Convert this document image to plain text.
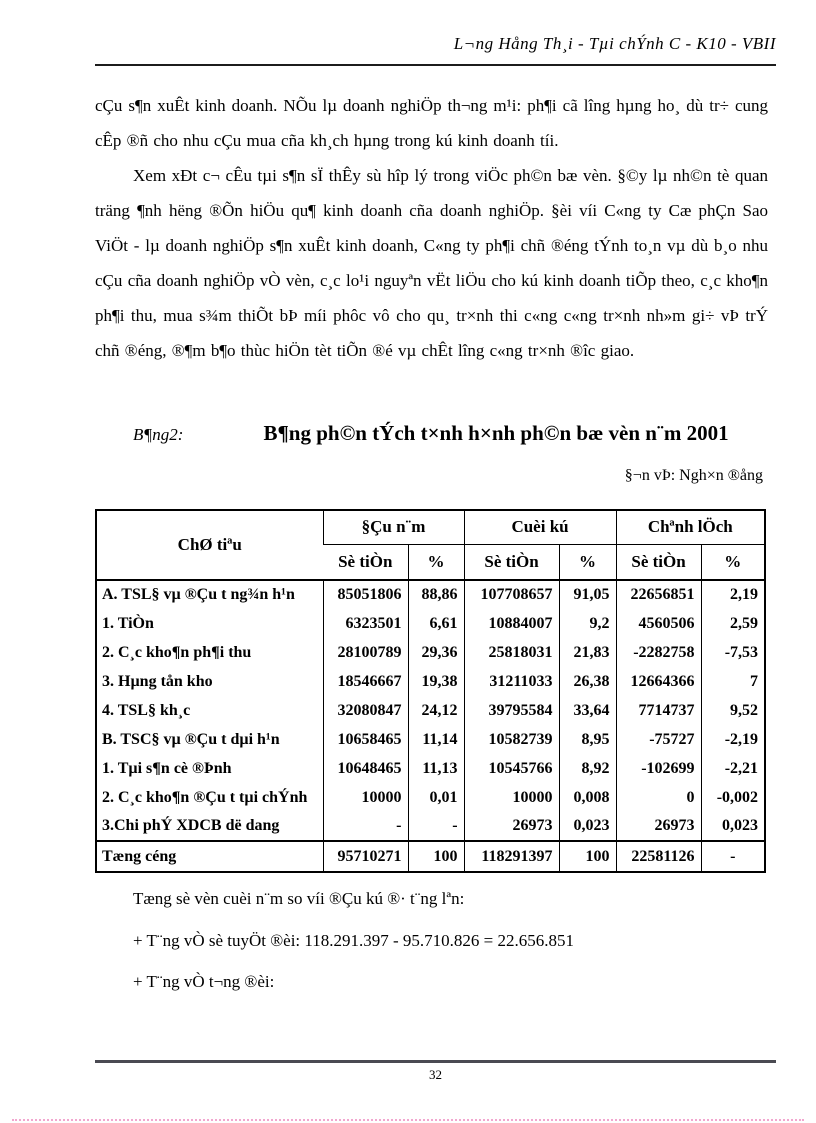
L¬ng Hång Th¸i - Tµi chÝnh C - K10 - VBII

cÇu s¶n xuÊt kinh doanh. NÕu lµ doanh nghiÖp th¬ng m¹i: ph¶i cã lîng hµng ho¸ dù tr÷ cung cÊp ®ñ cho nhu cÇu mua cña kh¸ch hµng trong kú kinh doanh tíi.

Xem xÐt c¬ cÊu tµi s¶n sÏ thÊy sù hîp lý trong viÖc ph©n bæ vèn. §©y lµ nh©n tè quan träng ¶nh hëng ®Õn hiÖu qu¶ kinh doanh cña doanh nghiÖp. §èi víi C«ng ty Cæ phÇn Sao ViÖt - lµ doanh nghiÖp s¶n xuÊt kinh doanh, C«ng ty ph¶i chñ ®éng tÝnh to¸n vµ dù b¸o nhu cÇu cña doanh nghiÖp vÒ vèn, c¸c lo¹i nguyªn vËt liÖu cho kú kinh doanh tiÕp theo, c¸c kho¶n ph¶i thu, mua s¾m thiÕt bÞ míi phôc vô cho qu¸ tr×nh thi c«ng c«ng tr×nh nh»m gi÷ vÞ trÝ chñ ®éng, ®¶m b¶o thùc hiÖn tèt tiÕn ®é vµ chÊt lîng c«ng tr×nh ®îc giao.

B¶ng2:	B¶ng ph©n tÝch t×nh h×nh ph©n bæ vèn n¨m 2001
§¬n vÞ: Ngh×n ®ång
ChØ tiªu	§Çu n¨m		Cuèi kú		Chªnh lÖch	
	Sè tiÒn	%	Sè tiÒn	%	Sè tiÒn	%
A. TSL§ vµ ®Çu t ng¾n h¹n	85051806	88,86	107708657	91,05	22656851	2,19
1. TiÒn	6323501	6,61	10884007	9,2	4560506	2,59
2. C¸c kho¶n ph¶i thu	28100789	29,36	25818031	21,83	-2282758	-7,53
3. Hµng tån kho	18546667	19,38	31211033	26,38	12664366	7
4. TSL§ kh¸c	32080847	24,12	39795584	33,64	7714737	9,52
B. TSC§ vµ ®Çu t dµi h¹n	10658465	11,14	10582739	8,95	-75727	-2,19
1. Tµi s¶n cè ®Þnh	10648465	11,13	10545766	8,92	-102699	-2,21
2. C¸c kho¶n ®Çu t tµi chÝnh	10000	0,01	10000	0,008	0	-0,002
3.Chi phÝ XDCB dë dang	-	-	26973	0,023	26973	0,023
Tæng céng	95710271	100	118291397	100	22581126	-

Tæng sè vèn cuèi n¨m so víi ®Çu kú ®· t¨ng lªn:

+ T¨ng vÒ sè tuyÖt ®èi: 118.291.397 - 95.710.826 = 22.656.851

+ T¨ng vÒ t¬ng ®èi:

32
